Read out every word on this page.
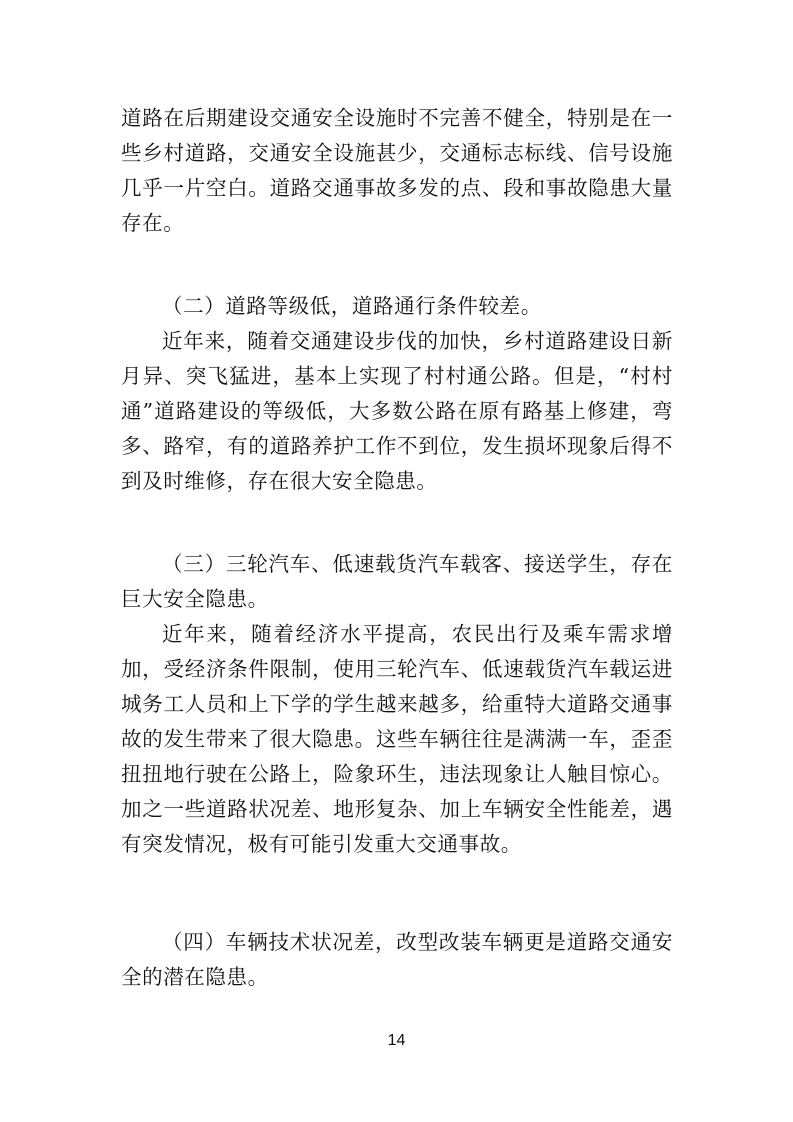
道路在后期建设交通安全设施时不完善不健全，特别是在一些乡村道路，交通安全设施甚少，交通标志标线、信号设施几乎一片空白。道路交通事故多发的点、段和事故隐患大量存在。

（二）道路等级低，道路通行条件较差。

近年来，随着交通建设步伐的加快，乡村道路建设日新月异、突飞猛进，基本上实现了村村通公路。但是，“村村通”道路建设的等级低，大多数公路在原有路基上修建，弯多、路窄，有的道路养护工作不到位，发生损坏现象后得不到及时维修，存在很大安全隐患。

（三）三轮汽车、低速载货汽车载客、接送学生，存在巨大安全隐患。

近年来，随着经济水平提高，农民出行及乘车需求增加，受经济条件限制，使用三轮汽车、低速载货汽车载运进城务工人员和上下学的学生越来越多，给重特大道路交通事故的发生带来了很大隐患。这些车辆往往是满满一车，歪歪扭扭地行驶在公路上，险象环生，违法现象让人触目惊心。加之一些道路状况差、地形复杂、加上车辆安全性能差，遇有突发情况，极有可能引发重大交通事故。

（四）车辆技术状况差，改型改装车辆更是道路交通安全的潜在隐患。

14
